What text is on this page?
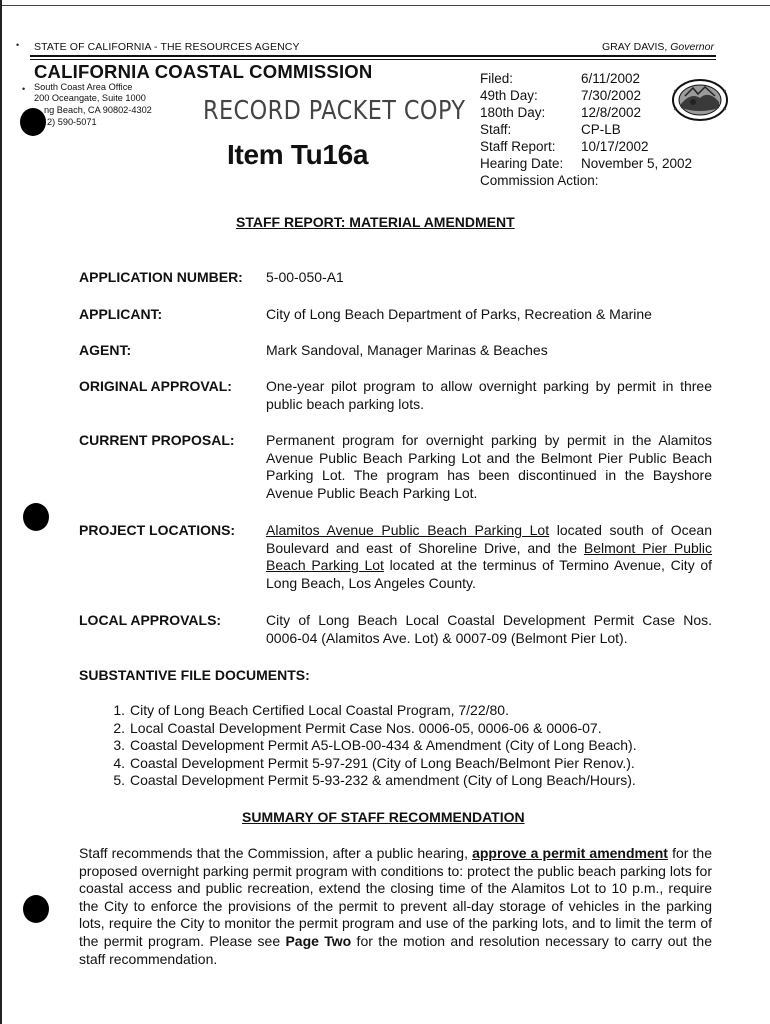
•
•
STATE OF CALIFORNIA - THE RESOURCES AGENCY	GRAY DAVIS, Governor
CALIFORNIA COASTAL COMMISSION
South Coast Area Office
200 Oceangate, Suite 1000
ng Beach, CA 90802-4302
2) 590-5071	RECORD PACKET COPY
Item Tu16a
Filed:	6/11/2002
49th Day:	7/30/2002
180th Day:	12/8/2002
Staff:	CP-LB
Staff Report: 10/17/2002
Hearing Date: November 5, 2002
Commission Action:
STAFF REPORT: MATERIAL AMENDMENT
APPLICATION NUMBER: 5-00-050-A1
APPLICANT:	City of Long Beach Department of Parks, Recreation & Marine
AGENT:	Mark Sandoval, Manager Marinas & Beaches
ORIGINAL APPROVAL: One-year pilot program to allow overnight parking by permit in three public beach parking lots.
CURRENT PROPOSAL: Permanent program for overnight parking by permit in the Alamitos Avenue Public Beach Parking Lot and the Belmont Pier Public Beach Parking Lot. The program has been discontinued in the Bayshore Avenue Public Beach Parking Lot.
PROJECT LOCATIONS: Alamitos Avenue Public Beach Parking Lot located south of Ocean Boulevard and east of Shoreline Drive, and the Belmont Pier Public Beach Parking Lot located at the terminus of Termino Avenue, City of Long Beach, Los Angeles County.
LOCAL APPROVALS:	City of Long Beach Local Coastal Development Permit Case Nos. 0006-04 (Alamitos Ave. Lot) & 0007-09 (Belmont Pier Lot).
SUBSTANTIVE FILE DOCUMENTS:
1. City of Long Beach Certified Local Coastal Program, 7/22/80.
2. Local Coastal Development Permit Case Nos. 0006-05, 0006-06 & 0006-07.
3. Coastal Development Permit A5-LOB-00-434 & Amendment (City of Long Beach).
4. Coastal Development Permit 5-97-291 (City of Long Beach/Belmont Pier Renov.).
5. Coastal Development Permit 5-93-232 & amendment (City of Long Beach/Hours).
SUMMARY OF STAFF RECOMMENDATION
Staff recommends that the Commission, after a public hearing, approve a permit amendment for the proposed overnight parking permit program with conditions to: protect the public beach parking lots for coastal access and public recreation, extend the closing time of the Alamitos Lot to 10 p.m., require the City to enforce the provisions of the permit to prevent all-day storage of vehicles in the parking lots, require the City to monitor the permit program and use of the parking lots, and to limit the term of the permit program. Please see Page Two for the motion and resolution necessary to carry out the staff recommendation.
